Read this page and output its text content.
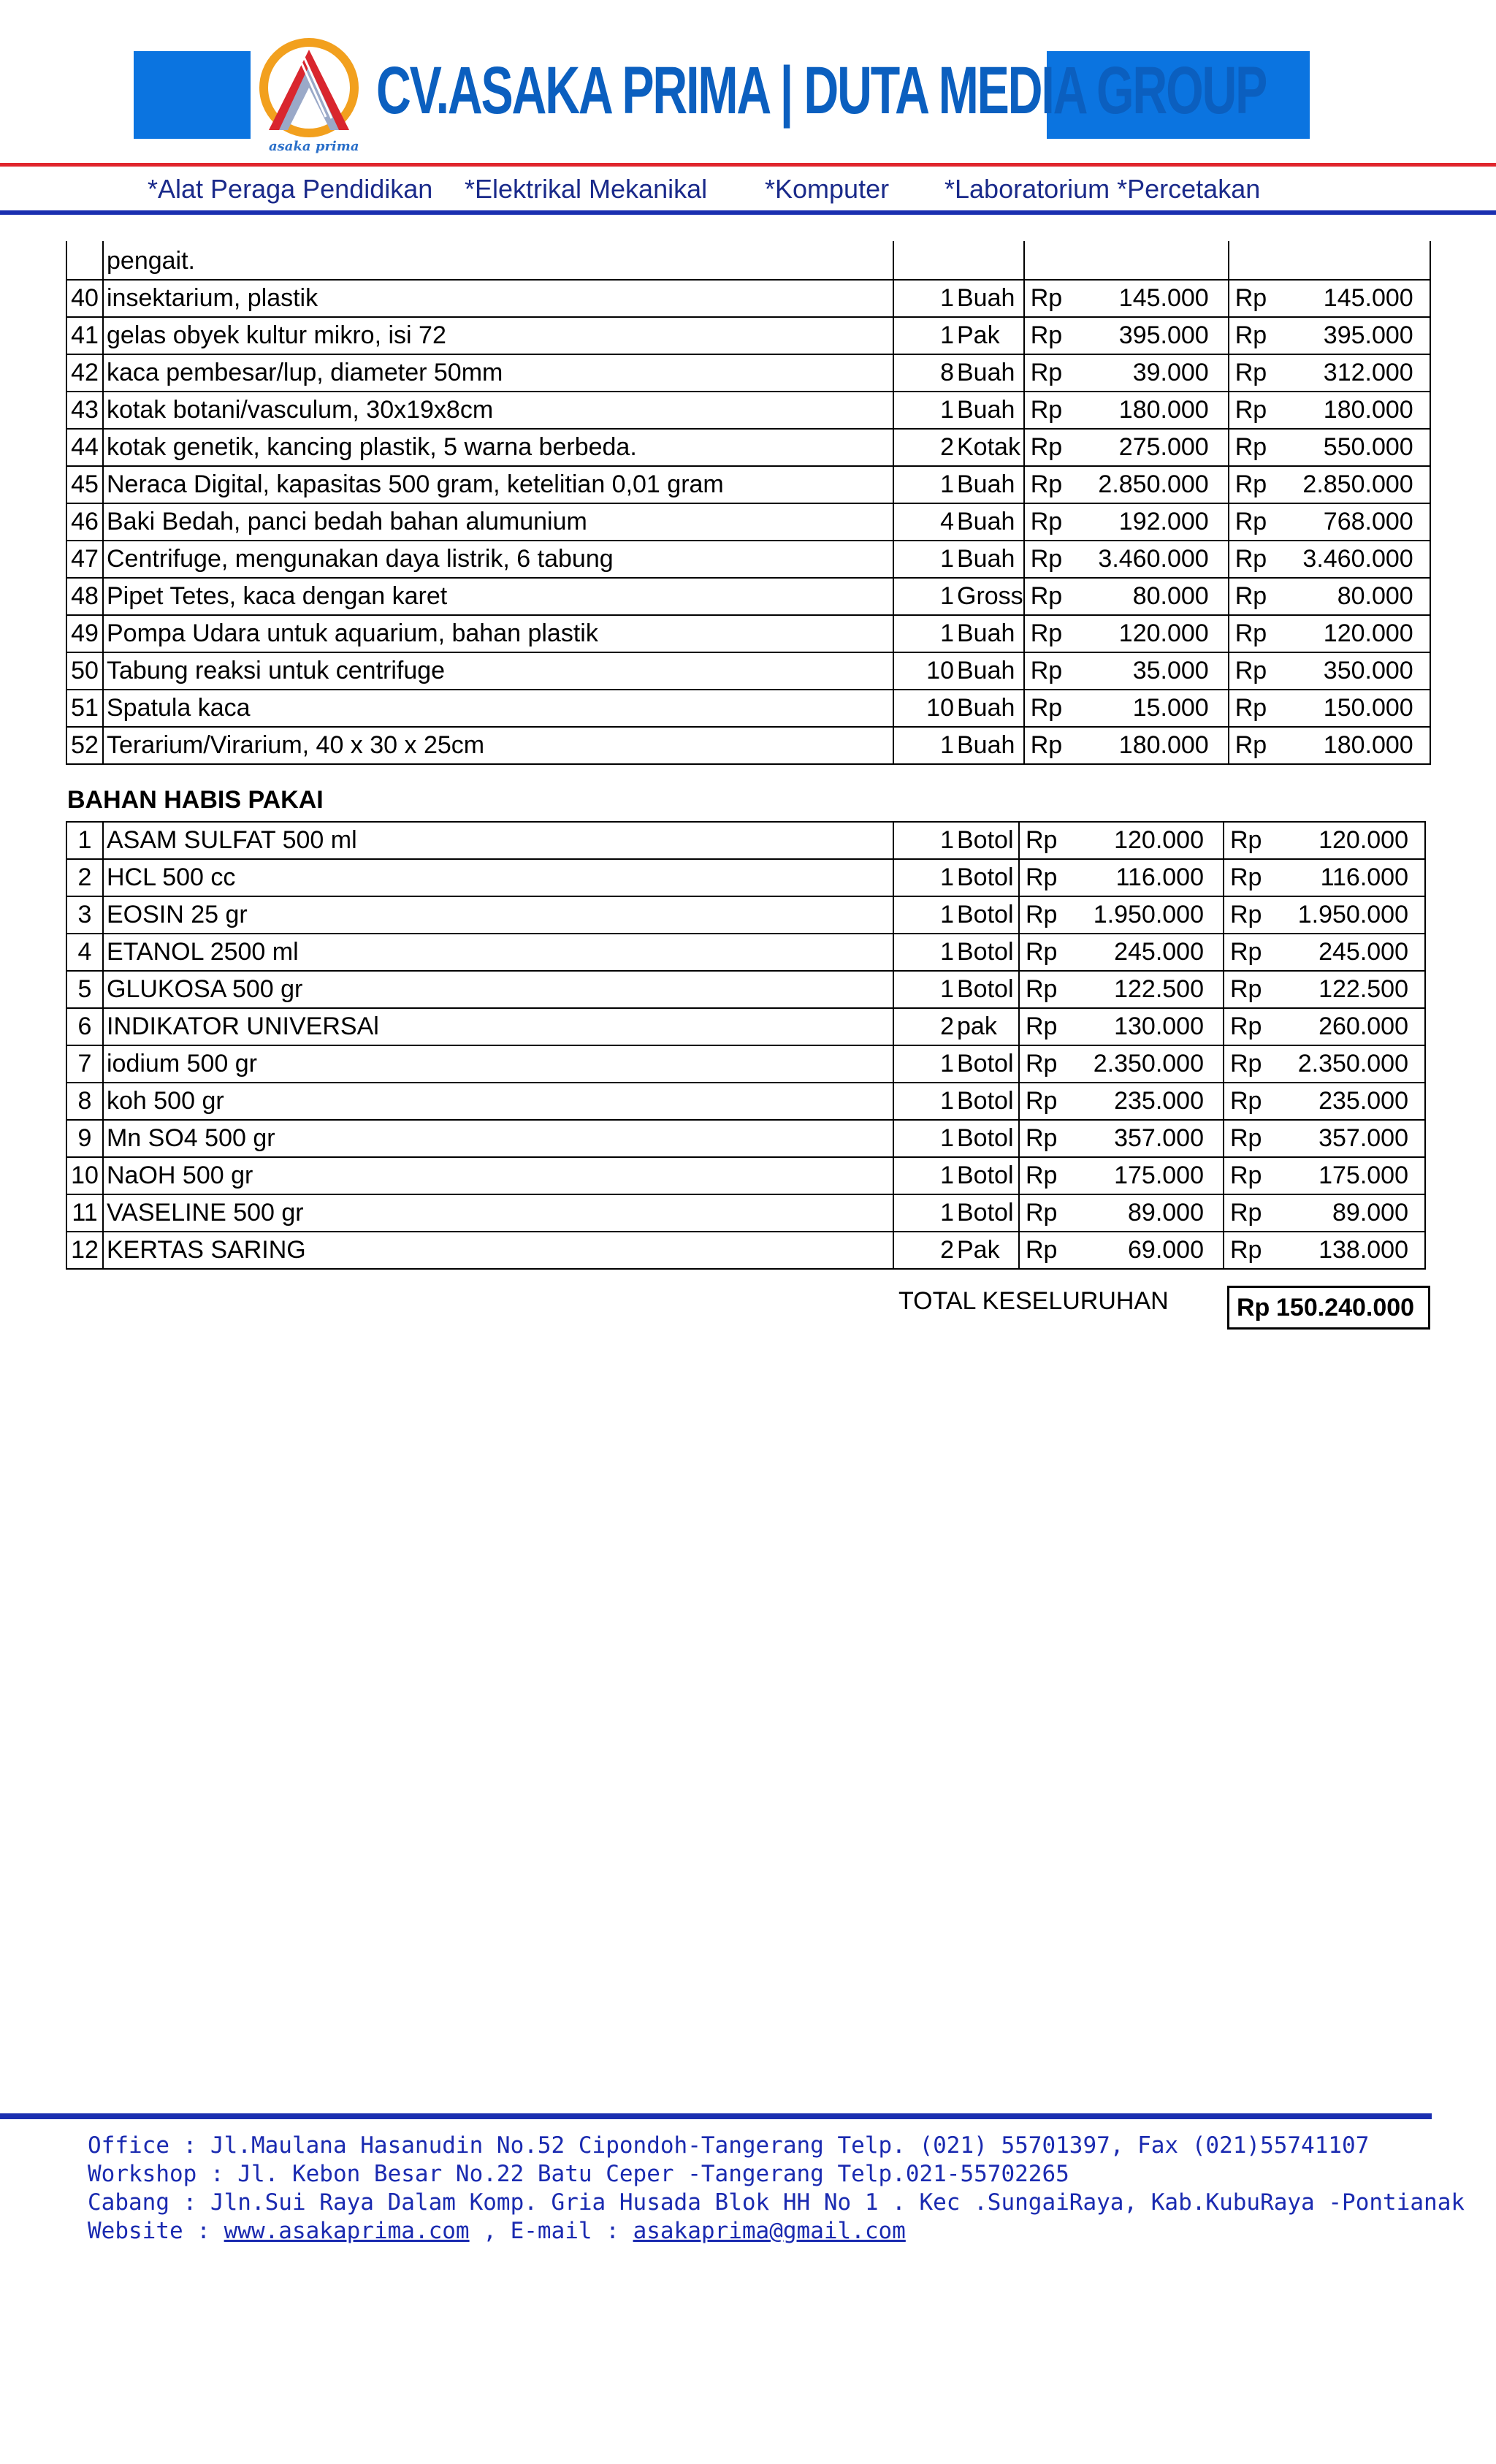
asaka prima
CV.ASAKA PRIMA | DUTA MEDIA GROUP
*Alat Peraga Pendidikan *Elektrikal Mekanikal *Komputer *Laboratorium *Percetakan
	pengait.			
40	insektarium, plastik	1 Buah	Rp 145.000	Rp 145.000
41	gelas obyek kultur mikro, isi 72	1 Pak	Rp 395.000	Rp 395.000
42	kaca pembesar/lup, diameter 50mm	8 Buah	Rp 39.000	Rp 312.000
43	kotak botani/vasculum, 30x19x8cm	1 Buah	Rp 180.000	Rp 180.000
44	kotak genetik, kancing plastik, 5 warna berbeda.	2 Kotak	Rp 275.000	Rp 550.000
45	Neraca Digital, kapasitas 500 gram, ketelitian 0,01 gram	1 Buah	Rp 2.850.000	Rp 2.850.000
46	Baki Bedah, panci bedah bahan alumunium	4 Buah	Rp 192.000	Rp 768.000
47	Centrifuge, mengunakan daya listrik, 6 tabung	1 Buah	Rp 3.460.000	Rp 3.460.000
48	Pipet Tetes, kaca dengan karet	1 Gross	Rp 80.000	Rp 80.000
49	Pompa Udara untuk aquarium, bahan plastik	1 Buah	Rp 120.000	Rp 120.000
50	Tabung reaksi untuk centrifuge	10 Buah	Rp 35.000	Rp 350.000
51	Spatula kaca	10 Buah	Rp 15.000	Rp 150.000
52	Terarium/Virarium, 40 x 30 x 25cm	1 Buah	Rp 180.000	Rp 180.000
BAHAN HABIS PAKAI
1	ASAM SULFAT 500 ml	1 Botol	Rp 120.000	Rp 120.000
2	HCL 500 cc	1 Botol	Rp 116.000	Rp 116.000
3	EOSIN 25 gr	1 Botol	Rp 1.950.000	Rp 1.950.000
4	ETANOL 2500 ml	1 Botol	Rp 245.000	Rp 245.000
5	GLUKOSA 500 gr	1 Botol	Rp 122.500	Rp 122.500
6	INDIKATOR UNIVERSAl	2 pak	Rp 130.000	Rp 260.000
7	iodium 500 gr	1 Botol	Rp 2.350.000	Rp 2.350.000
8	koh 500 gr	1 Botol	Rp 235.000	Rp 235.000
9	Mn SO4 500 gr	1 Botol	Rp 357.000	Rp 357.000
10	NaOH 500 gr	1 Botol	Rp 175.000	Rp 175.000
11	VASELINE 500 gr	1 Botol	Rp 89.000	Rp 89.000
12	KERTAS SARING	2 Pak	Rp 69.000	Rp 138.000
TOTAL KESELURUHAN	Rp 150.240.000
Office : Jl.Maulana Hasanudin No.52 Cipondoh-Tangerang Telp. (021) 55701397, Fax (021)55741107
Workshop : Jl. Kebon Besar No.22 Batu Ceper -Tangerang Telp.021-55702265
Cabang : Jln.Sui Raya Dalam Komp. Gria Husada Blok HH No 1 . Kec .SungaiRaya, Kab.KubuRaya -Pontianak
Website : www.asakaprima.com , E-mail : asakaprima@gmail.com
